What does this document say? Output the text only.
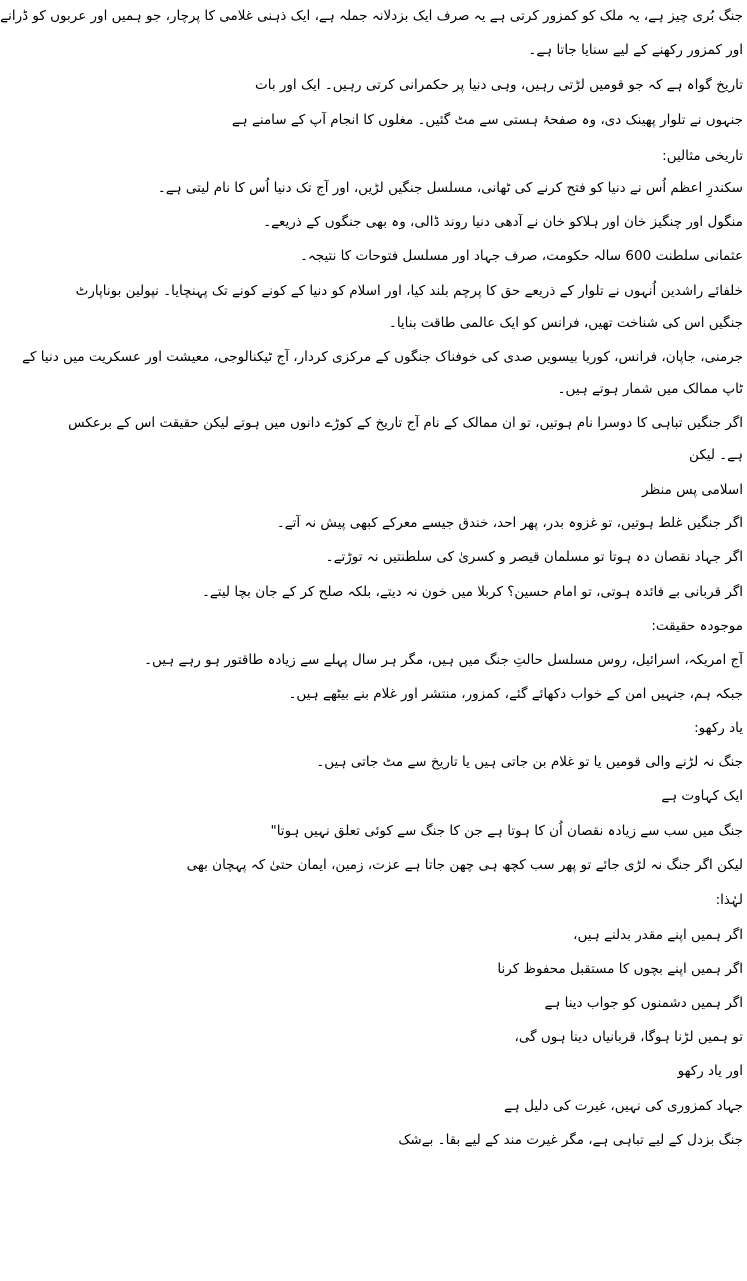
جنگ بُری چیز ہے، یہ ملک کو کمزور کرتی ہے یہ صرف ایک بزدلانہ جملہ ہے، ایک ذہنی غلامی کا پرچار، جو ہمیں اور عربوں کو ڈرانے
اور کمزور رکھنے کے لیے سنایا جاتا ہے۔
تاریخ گواہ ہے کہ جو قومیں لڑتی رہیں، وہی دنیا پر حکمرانی کرتی رہیں۔ ایک اور بات
جنہوں نے تلوار پھینک دی، وہ صفحۂ ہستی سے مٹ گئیں۔ مغلوں کا انجام آپ کے سامنے ہے
تاریخی مثالیں:
سکندرِ اعظم اُس نے دنیا کو فتح کرنے کی ٹھانی، مسلسل جنگیں لڑیں، اور آج تک دنیا اُس کا نام لیتی ہے۔
منگول اور چنگیز خان اور ہلاکو خان نے آدھی دنیا روند ڈالی، وہ بھی جنگوں کے ذریعے۔
عثمانی سلطنت 600 سالہ حکومت، صرف جہاد اور مسلسل فتوحات کا نتیجہ۔
خلفائے راشدین اُنہوں نے تلوار کے ذریعے حق کا پرچم بلند کیا، اور اسلام کو دنیا کے کونے کونے تک پہنچایا۔ نپولین بوناپارٹ
جنگیں اس کی شناخت تھیں، فرانس کو ایک عالمی طاقت بنایا۔
جرمنی، جاپان، فرانس، کوریا بیسویں صدی کی خوفناک جنگوں کے مرکزی کردار، آج ٹیکنالوجی، معیشت اور عسکریت میں دنیا کے
ٹاپ ممالک میں شمار ہوتے ہیں۔
اگر جنگیں تباہی کا دوسرا نام ہوتیں، تو ان ممالک کے نام آج تاریخ کے کوڑے دانوں میں ہوتے لیکن حقیقت اس کے برعکس
ہے۔ لیکن
اسلامی پس منظر
اگر جنگیں غلط ہوتیں، تو غزوہ بدر، پھر احد، خندق جیسے معرکے کبھی پیش نہ آتے۔
اگر جہاد نقصان دہ ہوتا تو مسلمان قیصر و کسریٰ کی سلطنتیں نہ توڑتے۔
اگر قربانی بے فائدہ ہوتی، تو امام حسین؟ کربلا میں خون نہ دیتے، بلکہ صلح کر کے جان بچا لیتے۔
موجودہ حقیقت:
آج امریکہ، اسرائیل، روس مسلسل حالتِ جنگ میں ہیں، مگر ہر سال پہلے سے زیادہ طاقتور ہو رہے ہیں۔
جبکہ ہم، جنہیں امن کے خواب دکھائے گئے، کمزور، منتشر اور غلام بنے بیٹھے ہیں۔
یاد رکھو:
جنگ نہ لڑنے والی قومیں یا تو غلام بن جاتی ہیں یا تاریخ سے مٹ جاتی ہیں۔
ایک کہاوت ہے
جنگ میں سب سے زیادہ نقصان اُن کا ہوتا ہے جن کا جنگ سے کوئی تعلق نہیں ہوتا"
لیکن اگر جنگ نہ لڑی جائے تو پھر سب کچھ ہی چھن جاتا ہے عزت، زمین، ایمان حتیٰ کہ پہچان بھی
لہٰذا:
اگر ہمیں اپنے مقدر بدلنے ہیں،
اگر ہمیں اپنے بچوں کا مستقبل محفوظ کرنا
اگر ہمیں دشمنوں کو جواب دینا ہے
تو ہمیں لڑنا ہوگا، قربانیاں دینا ہوں گی،
اور یاد رکھو
جہاد کمزوری کی نہیں، غیرت کی دلیل ہے
جنگ بزدل کے لیے تباہی ہے، مگر غیرت مند کے لیے بقا۔ بےشک
